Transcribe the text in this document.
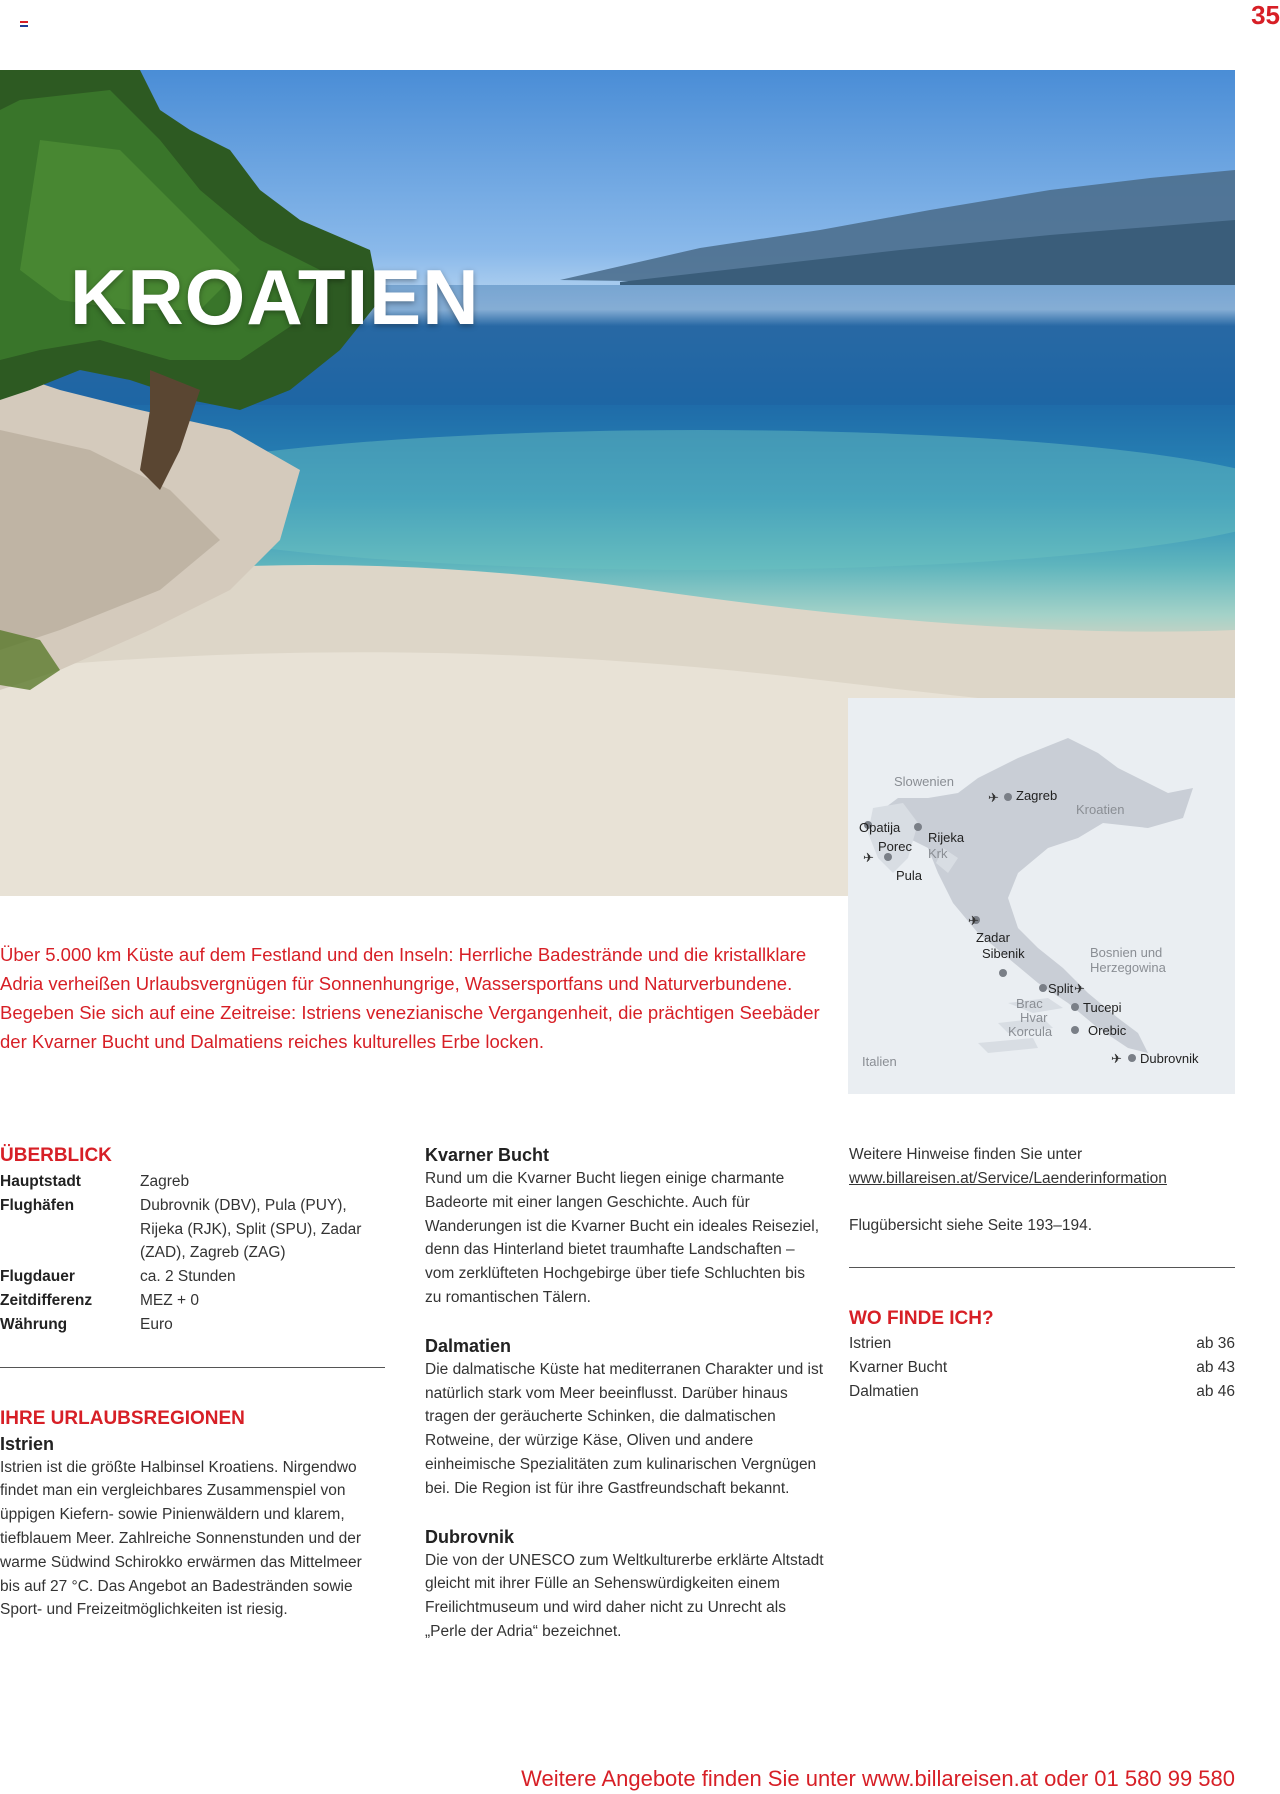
35
KROATIEN
✈
✈
✈
✈
✈
Slowenien
Zagreb
Kroatien
Opatija
Porec
Rijeka
Krk
Pula
Zadar
Sibenik	Bosnien und
Herzegowina
Split
Brac
Hvar
Korcula
Tucepi
Orebic
Italien	Dubrovnik

Über 5.000 km Küste auf dem Festland und den Inseln: Herrliche Badestrände und die kristallklare Adria verheißen Urlaubsvergnügen für Sonnenhungrige, Wassersportfans und Naturverbundene. Begeben Sie sich auf eine Zeitreise: Istriens venezianische Vergangenheit, die prächtigen Seebäder der Kvarner Bucht und Dalmatiens reiches kulturelles Erbe locken.

ÜBERBLICK
Hauptstadt	Zagreb
Flughäfen	Dubrovnik (DBV), Pula (PUY), Rijeka (RJK), Split (SPU), Zadar (ZAD), Zagreb (ZAG)
Flugdauer	ca. 2 Stunden
Zeitdifferenz	MEZ + 0
Währung	Euro
IHRE URLAUBSREGIONEN
Istrien

Istrien ist die größte Halbinsel Kroatiens. Nirgendwo findet man ein vergleichbares Zusammenspiel von üppigen Kiefern- sowie Pinienwäldern und klarem, tiefblauem Meer. Zahlreiche Sonnenstunden und der warme Südwind Schirokko erwärmen das Mittelmeer bis auf 27 °C. Das Angebot an Badestränden sowie Sport- und Freizeitmöglichkeiten ist riesig.

Kvarner Bucht

Rund um die Kvarner Bucht liegen einige charmante Badeorte mit einer langen Geschichte. Auch für Wanderungen ist die Kvarner Bucht ein ideales Reiseziel, denn das Hinterland bietet traumhafte Landschaften – vom zerklüfteten Hochgebirge über tiefe Schluchten bis zu romantischen Tälern.

Dalmatien

Die dalmatische Küste hat mediterranen Charakter und ist natürlich stark vom Meer beeinflusst. Darüber hinaus tragen der geräucherte Schinken, die dalmatischen Rotweine, der würzige Käse, Oliven und andere einheimische Spezialitäten zum kulinarischen Vergnügen bei. Die Region ist für ihre Gastfreundschaft bekannt.

Dubrovnik

Die von der UNESCO zum Weltkulturerbe erklärte Altstadt gleicht mit ihrer Fülle an Sehenswürdigkeiten einem Freilichtmuseum und wird daher nicht zu Unrecht als „Perle der Adria“ bezeichnet.

Weitere Hinweise finden Sie unter

www.billareisen.at/Service/Laenderinformation

Flugübersicht siehe Seite 193–194.

WO FINDE ICH?
Istrien	ab 36
Kvarner Bucht	ab 43
Dalmatien	ab 46
Weitere Angebote finden Sie unter www.billareisen.at oder 01 580 99 580
